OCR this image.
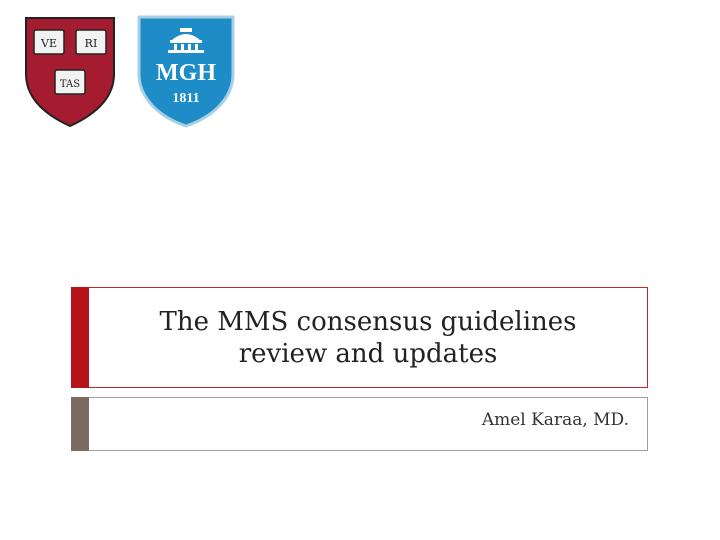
VE	RI
TAS	MGH
1811
The MMS consensus guidelines
review and updates
Amel Karaa, MD.
